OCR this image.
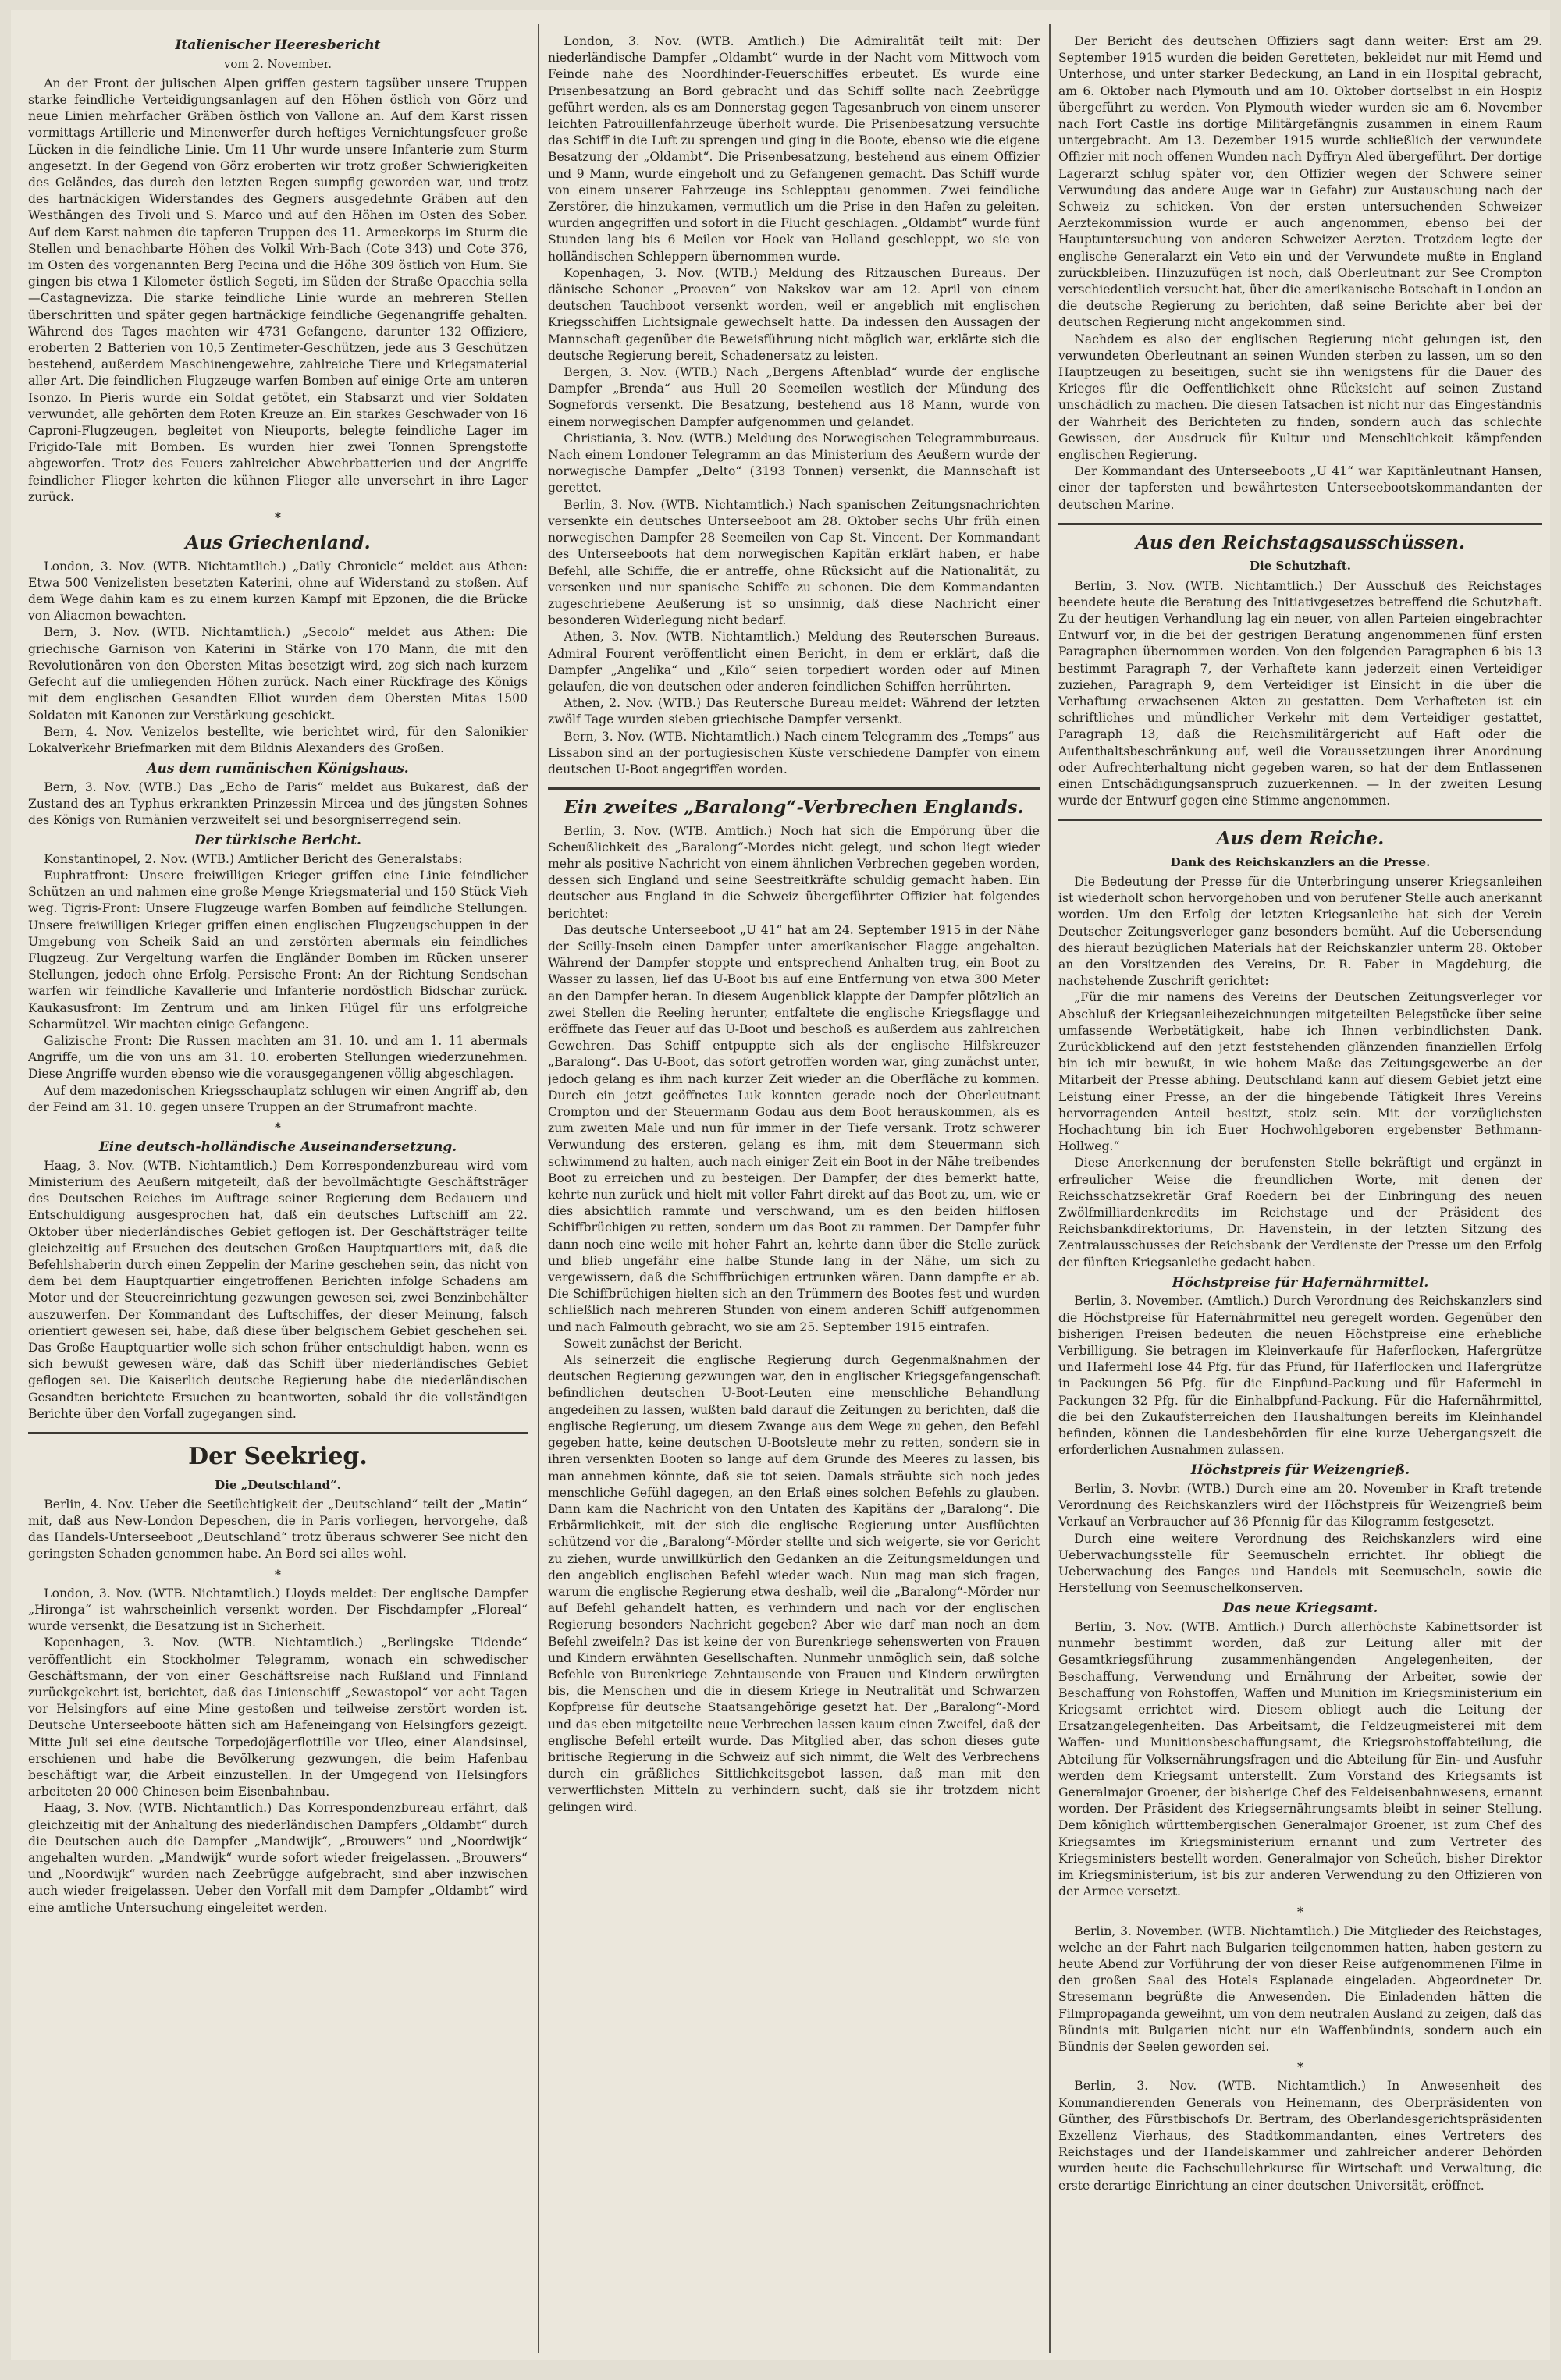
Italienischer Heeresbericht
vom 2. November.

An der Front der julischen Alpen griffen gestern tagsüber unsere Truppen starke feindliche Verteidigungsanlagen auf den Höhen östlich von Görz und neue Linien mehrfacher Gräben östlich von Vallone an. Auf dem Karst rissen vormittags Artillerie und Minenwerfer durch heftiges Vernichtungsfeuer große Lücken in die feindliche Linie. Um 11 Uhr wurde unsere Infanterie zum Sturm angesetzt. In der Gegend von Görz eroberten wir trotz großer Schwierigkeiten des Geländes, das durch den letzten Regen sumpfig geworden war, und trotz des hartnäckigen Widerstandes des Gegners ausgedehnte Gräben auf den Westhängen des Tivoli und S. Marco und auf den Höhen im Osten des Sober. Auf dem Karst nahmen die tapferen Truppen des 11. Armeekorps im Sturm die Stellen und benachbarte Höhen des Volkil Wrh-Bach (Cote 343) und Cote 376, im Osten des vorgenannten Berg Pecina und die Höhe 309 östlich von Hum. Sie gingen bis etwa 1 Kilometer östlich Segeti, im Süden der Straße Opacchia sella—Castagnevizza. Die starke feindliche Linie wurde an mehreren Stellen überschritten und später gegen hartnäckige feindliche Gegenangriffe gehalten. Während des Tages machten wir 4731 Gefangene, darunter 132 Offiziere, eroberten 2 Batterien von 10,5 Zentimeter-Geschützen, jede aus 3 Geschützen bestehend, außerdem Maschinengewehre, zahlreiche Tiere und Kriegsmaterial aller Art. Die feindlichen Flugzeuge warfen Bomben auf einige Orte am unteren Isonzo. In Pieris wurde ein Soldat getötet, ein Stabsarzt und vier Soldaten verwundet, alle gehörten dem Roten Kreuze an. Ein starkes Geschwader von 16 Caproni-Flugzeugen, begleitet von Nieuports, belegte feindliche Lager im Frigido-Tale mit Bomben. Es wurden hier zwei Tonnen Sprengstoffe abgeworfen. Trotz des Feuers zahlreicher Abwehrbatterien und der Angriffe feindlicher Flieger kehrten die kühnen Flieger alle unversehrt in ihre Lager zurück.

*
Aus Griechenland.

London, 3. Nov. (WTB. Nichtamtlich.) „Daily Chronicle“ meldet aus Athen: Etwa 500 Venizelisten besetzten Katerini, ohne auf Widerstand zu stoßen. Auf dem Wege dahin kam es zu einem kurzen Kampf mit Epzonen, die die Brücke von Aliacmon bewachten.

Bern, 3. Nov. (WTB. Nichtamtlich.) „Secolo“ meldet aus Athen: Die griechische Garnison von Katerini in Stärke von 170 Mann, die mit den Revolutionären von den Obersten Mitas besetzigt wird, zog sich nach kurzem Gefecht auf die umliegenden Höhen zurück. Nach einer Rückfrage des Königs mit dem englischen Gesandten Elliot wurden dem Obersten Mitas 1500 Soldaten mit Kanonen zur Verstärkung geschickt.

Bern, 4. Nov. Venizelos bestellte, wie berichtet wird, für den Salonikier Lokalverkehr Briefmarken mit dem Bildnis Alexanders des Großen.

Aus dem rumänischen Königshaus.

Bern, 3. Nov. (WTB.) Das „Echo de Paris“ meldet aus Bukarest, daß der Zustand des an Typhus erkrankten Prinzessin Mircea und des jüngsten Sohnes des Königs von Rumänien verzweifelt sei und besorgniserregend sein.

Der türkische Bericht.

Konstantinopel, 2. Nov. (WTB.) Amtlicher Bericht des Generalstabs:

Euphratfront: Unsere freiwilligen Krieger griffen eine Linie feindlicher Schützen an und nahmen eine große Menge Kriegsmaterial und 150 Stück Vieh weg. Tigris-Front: Unsere Flugzeuge warfen Bomben auf feindliche Stellungen. Unsere freiwilligen Krieger griffen einen englischen Flugzeugschuppen in der Umgebung von Scheik Said an und zerstörten abermals ein feindliches Flugzeug. Zur Vergeltung warfen die Engländer Bomben im Rücken unserer Stellungen, jedoch ohne Erfolg. Persische Front: An der Richtung Sendschan warfen wir feindliche Kavallerie und Infanterie nordöstlich Bidschar zurück. Kaukasusfront: Im Zentrum und am linken Flügel für uns erfolgreiche Scharmützel. Wir machten einige Gefangene.

Galizische Front: Die Russen machten am 31. 10. und am 1. 11 abermals Angriffe, um die von uns am 31. 10. eroberten Stellungen wiederzunehmen. Diese Angriffe wurden ebenso wie die vorausgegangenen völlig abgeschlagen.

Auf dem mazedonischen Kriegsschauplatz schlugen wir einen Angriff ab, den der Feind am 31. 10. gegen unsere Truppen an der Strumafront machte.

*
Eine deutsch-holländische Auseinandersetzung.

Haag, 3. Nov. (WTB. Nichtamtlich.) Dem Korrespondenzbureau wird vom Ministerium des Aeußern mitgeteilt, daß der bevollmächtigte Geschäftsträger des Deutschen Reiches im Auftrage seiner Regierung dem Bedauern und Entschuldigung ausgesprochen hat, daß ein deutsches Luftschiff am 22. Oktober über niederländisches Gebiet geflogen ist. Der Geschäftsträger teilte gleichzeitig auf Ersuchen des deutschen Großen Hauptquartiers mit, daß die Befehlshaberin durch einen Zeppelin der Marine geschehen sein, das nicht von dem bei dem Hauptquartier eingetroffenen Berichten infolge Schadens am Motor und der Steuereinrichtung gezwungen gewesen sei, zwei Benzinbehälter auszuwerfen. Der Kommandant des Luftschiffes, der dieser Meinung, falsch orientiert gewesen sei, habe, daß diese über belgischem Gebiet geschehen sei. Das Große Hauptquartier wolle sich schon früher entschuldigt haben, wenn es sich bewußt gewesen wäre, daß das Schiff über niederländisches Gebiet geflogen sei. Die Kaiserlich deutsche Regierung habe die niederländischen Gesandten berichtete Ersuchen zu beantworten, sobald ihr die vollständigen Berichte über den Vorfall zugegangen sind.

Der Seekrieg.
Die „Deutschland“.

Berlin, 4. Nov. Ueber die Seetüchtigkeit der „Deutschland“ teilt der „Matin“ mit, daß aus New-London Depeschen, die in Paris vorliegen, hervorgehe, daß das Handels-Unterseeboot „Deutschland“ trotz überaus schwerer See nicht den geringsten Schaden genommen habe. An Bord sei alles wohl.

*

London, 3. Nov. (WTB. Nichtamtlich.) Lloyds meldet: Der englische Dampfer „Hironga“ ist wahrscheinlich versenkt worden. Der Fischdampfer „Floreal“ wurde versenkt, die Besatzung ist in Sicherheit.

Kopenhagen, 3. Nov. (WTB. Nichtamtlich.) „Berlingske Tidende“ veröffentlicht ein Stockholmer Telegramm, wonach ein schwedischer Geschäftsmann, der von einer Geschäftsreise nach Rußland und Finnland zurückgekehrt ist, berichtet, daß das Linienschiff „Sewastopol“ vor acht Tagen vor Helsingfors auf eine Mine gestoßen und teilweise zerstört worden ist. Deutsche Unterseeboote hätten sich am Hafeneingang von Helsingfors gezeigt. Mitte Juli sei eine deutsche Torpedojägerflottille vor Uleo, einer Alandsinsel, erschienen und habe die Bevölkerung gezwungen, die beim Hafenbau beschäftigt war, die Arbeit einzustellen. In der Umgegend von Helsingfors arbeiteten 20 000 Chinesen beim Eisenbahnbau.

Haag, 3. Nov. (WTB. Nichtamtlich.) Das Korrespondenzbureau erfährt, daß gleichzeitig mit der Anhaltung des niederländischen Dampfers „Oldambt“ durch die Deutschen auch die Dampfer „Mandwijk“, „Brouwers“ und „Noordwijk“ angehalten wurden. „Mandwijk“ wurde sofort wieder freigelassen. „Brouwers“ und „Noordwijk“ wurden nach Zeebrügge aufgebracht, sind aber inzwischen auch wieder freigelassen. Ueber den Vorfall mit dem Dampfer „Oldambt“ wird eine amtliche Untersuchung eingeleitet werden.

London, 3. Nov. (WTB. Amtlich.) Die Admiralität teilt mit: Der niederländische Dampfer „Oldambt“ wurde in der Nacht vom Mittwoch vom Feinde nahe des Noordhinder-Feuerschiffes erbeutet. Es wurde eine Prisenbesatzung an Bord gebracht und das Schiff sollte nach Zeebrügge geführt werden, als es am Donnerstag gegen Tagesanbruch von einem unserer leichten Patrouillenfahrzeuge überholt wurde. Die Prisenbesatzung versuchte das Schiff in die Luft zu sprengen und ging in die Boote, ebenso wie die eigene Besatzung der „Oldambt“. Die Prisenbesatzung, bestehend aus einem Offizier und 9 Mann, wurde eingeholt und zu Gefangenen gemacht. Das Schiff wurde von einem unserer Fahrzeuge ins Schlepptau genommen. Zwei feindliche Zerstörer, die hinzukamen, vermutlich um die Prise in den Hafen zu geleiten, wurden angegriffen und sofort in die Flucht geschlagen. „Oldambt“ wurde fünf Stunden lang bis 6 Meilen vor Hoek van Holland geschleppt, wo sie von holländischen Schleppern übernommen wurde.

Kopenhagen, 3. Nov. (WTB.) Meldung des Ritzauschen Bureaus. Der dänische Schoner „Proeven“ von Nakskov war am 12. April von einem deutschen Tauchboot versenkt worden, weil er angeblich mit englischen Kriegsschiffen Lichtsignale gewechselt hatte. Da indessen den Aussagen der Mannschaft gegenüber die Beweisführung nicht möglich war, erklärte sich die deutsche Regierung bereit, Schadenersatz zu leisten.

Bergen, 3. Nov. (WTB.) Nach „Bergens Aftenblad“ wurde der englische Dampfer „Brenda“ aus Hull 20 Seemeilen westlich der Mündung des Sognefords versenkt. Die Besatzung, bestehend aus 18 Mann, wurde von einem norwegischen Dampfer aufgenommen und gelandet.

Christiania, 3. Nov. (WTB.) Meldung des Norwegischen Telegrammbureaus. Nach einem Londoner Telegramm an das Ministerium des Aeußern wurde der norwegische Dampfer „Delto“ (3193 Tonnen) versenkt, die Mannschaft ist gerettet.

Berlin, 3. Nov. (WTB. Nichtamtlich.) Nach spanischen Zeitungsnachrichten versenkte ein deutsches Unterseeboot am 28. Oktober sechs Uhr früh einen norwegischen Dampfer 28 Seemeilen von Cap St. Vincent. Der Kommandant des Unterseeboots hat dem norwegischen Kapitän erklärt haben, er habe Befehl, alle Schiffe, die er antreffe, ohne Rücksicht auf die Nationalität, zu versenken und nur spanische Schiffe zu schonen. Die dem Kommandanten zugeschriebene Aeußerung ist so unsinnig, daß diese Nachricht einer besonderen Widerlegung nicht bedarf.

Athen, 3. Nov. (WTB. Nichtamtlich.) Meldung des Reuterschen Bureaus. Admiral Fourent veröffentlicht einen Bericht, in dem er erklärt, daß die Dampfer „Angelika“ und „Kilo“ seien torpediert worden oder auf Minen gelaufen, die von deutschen oder anderen feindlichen Schiffen herrührten.

Athen, 2. Nov. (WTB.) Das Reutersche Bureau meldet: Während der letzten zwölf Tage wurden sieben griechische Dampfer versenkt.

Bern, 3. Nov. (WTB. Nichtamtlich.) Nach einem Telegramm des „Temps“ aus Lissabon sind an der portugiesischen Küste verschiedene Dampfer von einem deutschen U-Boot angegriffen worden.

Ein zweites „Baralong“-Verbrechen Englands.

Berlin, 3. Nov. (WTB. Amtlich.) Noch hat sich die Empörung über die Scheußlichkeit des „Baralong“-Mordes nicht gelegt, und schon liegt wieder mehr als positive Nachricht von einem ähnlichen Verbrechen gegeben worden, dessen sich England und seine Seestreitkräfte schuldig gemacht haben. Ein deutscher aus England in die Schweiz übergeführter Offizier hat folgendes berichtet:

Das deutsche Unterseeboot „U 41“ hat am 24. September 1915 in der Nähe der Scilly-Inseln einen Dampfer unter amerikanischer Flagge angehalten. Während der Dampfer stoppte und entsprechend Anhalten trug, ein Boot zu Wasser zu lassen, lief das U-Boot bis auf eine Entfernung von etwa 300 Meter an den Dampfer heran. In diesem Augenblick klappte der Dampfer plötzlich an zwei Stellen die Reeling herunter, entfaltete die englische Kriegsflagge und eröffnete das Feuer auf das U-Boot und beschoß es außerdem aus zahlreichen Gewehren. Das Schiff entpuppte sich als der englische Hilfskreuzer „Baralong“. Das U-Boot, das sofort getroffen worden war, ging zunächst unter, jedoch gelang es ihm nach kurzer Zeit wieder an die Oberfläche zu kommen. Durch ein jetzt geöffnetes Luk konnten gerade noch der Oberleutnant Crompton und der Steuermann Godau aus dem Boot herauskommen, als es zum zweiten Male und nun für immer in der Tiefe versank. Trotz schwerer Verwundung des ersteren, gelang es ihm, mit dem Steuermann sich schwimmend zu halten, auch nach einiger Zeit ein Boot in der Nähe treibendes Boot zu erreichen und zu besteigen. Der Dampfer, der dies bemerkt hatte, kehrte nun zurück und hielt mit voller Fahrt direkt auf das Boot zu, um, wie er dies absichtlich rammte und verschwand, um es den beiden hilflosen Schiffbrüchigen zu retten, sondern um das Boot zu rammen. Der Dampfer fuhr dann noch eine weile mit hoher Fahrt an, kehrte dann über die Stelle zurück und blieb ungefähr eine halbe Stunde lang in der Nähe, um sich zu vergewissern, daß die Schiffbrüchigen ertrunken wären. Dann dampfte er ab. Die Schiffbrüchigen hielten sich an den Trümmern des Bootes fest und wurden schließlich nach mehreren Stunden von einem anderen Schiff aufgenommen und nach Falmouth gebracht, wo sie am 25. September 1915 eintrafen.

Soweit zunächst der Bericht.

Als seinerzeit die englische Regierung durch Gegenmaßnahmen der deutschen Regierung gezwungen war, den in englischer Kriegsgefangenschaft befindlichen deutschen U-Boot-Leuten eine menschliche Behandlung angedeihen zu lassen, wußten bald darauf die Zeitungen zu berichten, daß die englische Regierung, um diesem Zwange aus dem Wege zu gehen, den Befehl gegeben hatte, keine deutschen U-Bootsleute mehr zu retten, sondern sie in ihren versenkten Booten so lange auf dem Grunde des Meeres zu lassen, bis man annehmen könnte, daß sie tot seien. Damals sträubte sich noch jedes menschliche Gefühl dagegen, an den Erlaß eines solchen Befehls zu glauben. Dann kam die Nachricht von den Untaten des Kapitäns der „Baralong“. Die Erbärmlichkeit, mit der sich die englische Regierung unter Ausflüchten schützend vor die „Baralong“-Mörder stellte und sich weigerte, sie vor Gericht zu ziehen, wurde unwillkürlich den Gedanken an die Zeitungsmeldungen und den angeblich englischen Befehl wieder wach. Nun mag man sich fragen, warum die englische Regierung etwa deshalb, weil die „Baralong“-Mörder nur auf Befehl gehandelt hatten, es verhindern und nach vor der englischen Regierung besonders Nachricht gegeben? Aber wie darf man noch an dem Befehl zweifeln? Das ist keine der von Burenkriege sehenswerten von Frauen und Kindern erwähnten Gesellschaften. Nunmehr unmöglich sein, daß solche Befehle von Burenkriege Zehntausende von Frauen und Kindern erwürgten bis, die Menschen und die in diesem Kriege in Neutralität und Schwarzen Kopfpreise für deutsche Staatsangehörige gesetzt hat. Der „Baralong“-Mord und das eben mitgeteilte neue Verbrechen lassen kaum einen Zweifel, daß der englische Befehl erteilt wurde. Das Mitglied aber, das schon dieses gute britische Regierung in die Schweiz auf sich nimmt, die Welt des Verbrechens durch ein gräßliches Sittlichkeitsgebot lassen, daß man mit den verwerflichsten Mitteln zu verhindern sucht, daß sie ihr trotzdem nicht gelingen wird.

Der Bericht des deutschen Offiziers sagt dann weiter: Erst am 29. September 1915 wurden die beiden Geretteten, bekleidet nur mit Hemd und Unterhose, und unter starker Bedeckung, an Land in ein Hospital gebracht, am 6. Oktober nach Plymouth und am 10. Oktober dortselbst in ein Hospiz übergeführt zu werden. Von Plymouth wieder wurden sie am 6. November nach Fort Castle ins dortige Militärgefängnis zusammen in einem Raum untergebracht. Am 13. Dezember 1915 wurde schließlich der verwundete Offizier mit noch offenen Wunden nach Dyffryn Aled übergeführt. Der dortige Lagerarzt schlug später vor, den Offizier wegen der Schwere seiner Verwundung das andere Auge war in Gefahr) zur Austauschung nach der Schweiz zu schicken. Von der ersten untersuchenden Schweizer Aerztekommission wurde er auch angenommen, ebenso bei der Hauptuntersuchung von anderen Schweizer Aerzten. Trotzdem legte der englische Generalarzt ein Veto ein und der Verwundete mußte in England zurückbleiben. Hinzuzufügen ist noch, daß Oberleutnant zur See Crompton verschiedentlich versucht hat, über die amerikanische Botschaft in London an die deutsche Regierung zu berichten, daß seine Berichte aber bei der deutschen Regierung nicht angekommen sind.

Nachdem es also der englischen Regierung nicht gelungen ist, den verwundeten Oberleutnant an seinen Wunden sterben zu lassen, um so den Hauptzeugen zu beseitigen, sucht sie ihn wenigstens für die Dauer des Krieges für die Oeffentlichkeit ohne Rücksicht auf seinen Zustand unschädlich zu machen. Die diesen Tatsachen ist nicht nur das Eingeständnis der Wahrheit des Berichteten zu finden, sondern auch das schlechte Gewissen, der Ausdruck für Kultur und Menschlichkeit kämpfenden englischen Regierung.

Der Kommandant des Unterseeboots „U 41“ war Kapitänleutnant Hansen, einer der tapfersten und bewährtesten Unterseebootskommandanten der deutschen Marine.

Aus den Reichstagsausschüssen.
Die Schutzhaft.

Berlin, 3. Nov. (WTB. Nichtamtlich.) Der Ausschuß des Reichstages beendete heute die Beratung des Initiativgesetzes betreffend die Schutzhaft. Zu der heutigen Verhandlung lag ein neuer, von allen Parteien eingebrachter Entwurf vor, in die bei der gestrigen Beratung angenommenen fünf ersten Paragraphen übernommen worden. Von den folgenden Paragraphen 6 bis 13 bestimmt Paragraph 7, der Verhaftete kann jederzeit einen Verteidiger zuziehen, Paragraph 9, dem Verteidiger ist Einsicht in die über die Verhaftung erwachsenen Akten zu gestatten. Dem Verhafteten ist ein schriftliches und mündlicher Verkehr mit dem Verteidiger gestattet, Paragraph 13, daß die Reichsmilitärgericht auf Haft oder die Aufenthaltsbeschränkung auf, weil die Voraussetzungen ihrer Anordnung oder Aufrechterhaltung nicht gegeben waren, so hat der dem Entlassenen einen Entschädigungsanspruch zuzuerkennen. — In der zweiten Lesung wurde der Entwurf gegen eine Stimme angenommen.

Aus dem Reiche.
Dank des Reichskanzlers an die Presse.

Die Bedeutung der Presse für die Unterbringung unserer Kriegsanleihen ist wiederholt schon hervorgehoben und von berufener Stelle auch anerkannt worden. Um den Erfolg der letzten Kriegsanleihe hat sich der Verein Deutscher Zeitungsverleger ganz besonders bemüht. Auf die Uebersendung des hierauf bezüglichen Materials hat der Reichskanzler unterm 28. Oktober an den Vorsitzenden des Vereins, Dr. R. Faber in Magdeburg, die nachstehende Zuschrift gerichtet:

„Für die mir namens des Vereins der Deutschen Zeitungsverleger vor Abschluß der Kriegsanleihezeichnungen mitgeteilten Belegstücke über seine umfassende Werbetätigkeit, habe ich Ihnen verbindlichsten Dank. Zurückblickend auf den jetzt feststehenden glänzenden finanziellen Erfolg bin ich mir bewußt, in wie hohem Maße das Zeitungsgewerbe an der Mitarbeit der Presse abhing. Deutschland kann auf diesem Gebiet jetzt eine Leistung einer Presse, an der die hingebende Tätigkeit Ihres Vereins hervorragenden Anteil besitzt, stolz sein. Mit der vorzüglichsten Hochachtung bin ich Euer Hochwohlgeboren ergebenster Bethmann-Hollweg.“

Diese Anerkennung der berufensten Stelle bekräftigt und ergänzt in erfreulicher Weise die freundlichen Worte, mit denen der Reichsschatzsekretär Graf Roedern bei der Einbringung des neuen Zwölfmilliardenkredits im Reichstage und der Präsident des Reichsbankdirektoriums, Dr. Havenstein, in der letzten Sitzung des Zentralausschusses der Reichsbank der Verdienste der Presse um den Erfolg der fünften Kriegsanleihe gedacht haben.

Höchstpreise für Hafernährmittel.

Berlin, 3. November. (Amtlich.) Durch Verordnung des Reichskanzlers sind die Höchstpreise für Hafernährmittel neu geregelt worden. Gegenüber den bisherigen Preisen bedeuten die neuen Höchstpreise eine erhebliche Verbilligung. Sie betragen im Kleinverkaufe für Haferflocken, Hafergrütze und Hafermehl lose 44 Pfg. für das Pfund, für Haferflocken und Hafergrütze in Packungen 56 Pfg. für die Einpfund-Packung und für Hafermehl in Packungen 32 Pfg. für die Einhalbpfund-Packung. Für die Hafernährmittel, die bei den Zukaufsterreichen den Haushaltungen bereits im Kleinhandel befinden, können die Landesbehörden für eine kurze Uebergangszeit die erforderlichen Ausnahmen zulassen.

Höchstpreis für Weizengrieß.

Berlin, 3. Novbr. (WTB.) Durch eine am 20. November in Kraft tretende Verordnung des Reichskanzlers wird der Höchstpreis für Weizengrieß beim Verkauf an Verbraucher auf 36 Pfennig für das Kilogramm festgesetzt.

Durch eine weitere Verordnung des Reichskanzlers wird eine Ueberwachungsstelle für Seemuscheln errichtet. Ihr obliegt die Ueberwachung des Fanges und Handels mit Seemuscheln, sowie die Herstellung von Seemuschelkonserven.

Das neue Kriegsamt.

Berlin, 3. Nov. (WTB. Amtlich.) Durch allerhöchste Kabinettsorder ist nunmehr bestimmt worden, daß zur Leitung aller mit der Gesamtkriegsführung zusammenhängenden Angelegenheiten, der Beschaffung, Verwendung und Ernährung der Arbeiter, sowie der Beschaffung von Rohstoffen, Waffen und Munition im Kriegsministerium ein Kriegsamt errichtet wird. Diesem obliegt auch die Leitung der Ersatzangelegenheiten. Das Arbeitsamt, die Feldzeugmeisterei mit dem Waffen- und Munitionsbeschaffungsamt, die Kriegsrohstoffabteilung, die Abteilung für Volksernährungsfragen und die Abteilung für Ein- und Ausfuhr werden dem Kriegsamt unterstellt. Zum Vorstand des Kriegsamts ist Generalmajor Groener, der bisherige Chef des Feldeisenbahnwesens, ernannt worden. Der Präsident des Kriegsernährungsamts bleibt in seiner Stellung. Dem königlich württembergischen Generalmajor Groener, ist zum Chef des Kriegsamtes im Kriegsministerium ernannt und zum Vertreter des Kriegsministers bestellt worden. Generalmajor von Scheüch, bisher Direktor im Kriegsministerium, ist bis zur anderen Verwendung zu den Offizieren von der Armee versetzt.

*

Berlin, 3. November. (WTB. Nichtamtlich.) Die Mitglieder des Reichstages, welche an der Fahrt nach Bulgarien teilgenommen hatten, haben gestern zu heute Abend zur Vorführung der von dieser Reise aufgenommenen Filme in den großen Saal des Hotels Esplanade eingeladen. Abgeordneter Dr. Stresemann begrüßte die Anwesenden. Die Einladenden hätten die Filmpropaganda geweihnt, um von dem neutralen Ausland zu zeigen, daß das Bündnis mit Bulgarien nicht nur ein Waffenbündnis, sondern auch ein Bündnis der Seelen geworden sei.

*

Berlin, 3. Nov. (WTB. Nichtamtlich.) In Anwesenheit des Kommandierenden Generals von Heinemann, des Oberpräsidenten von Günther, des Fürstbischofs Dr. Bertram, des Oberlandesgerichtspräsidenten Exzellenz Vierhaus, des Stadtkommandanten, eines Vertreters des Reichstages und der Handelskammer und zahlreicher anderer Behörden wurden heute die Fachschullehrkurse für Wirtschaft und Verwaltung, die erste derartige Einrichtung an einer deutschen Universität, eröffnet.
